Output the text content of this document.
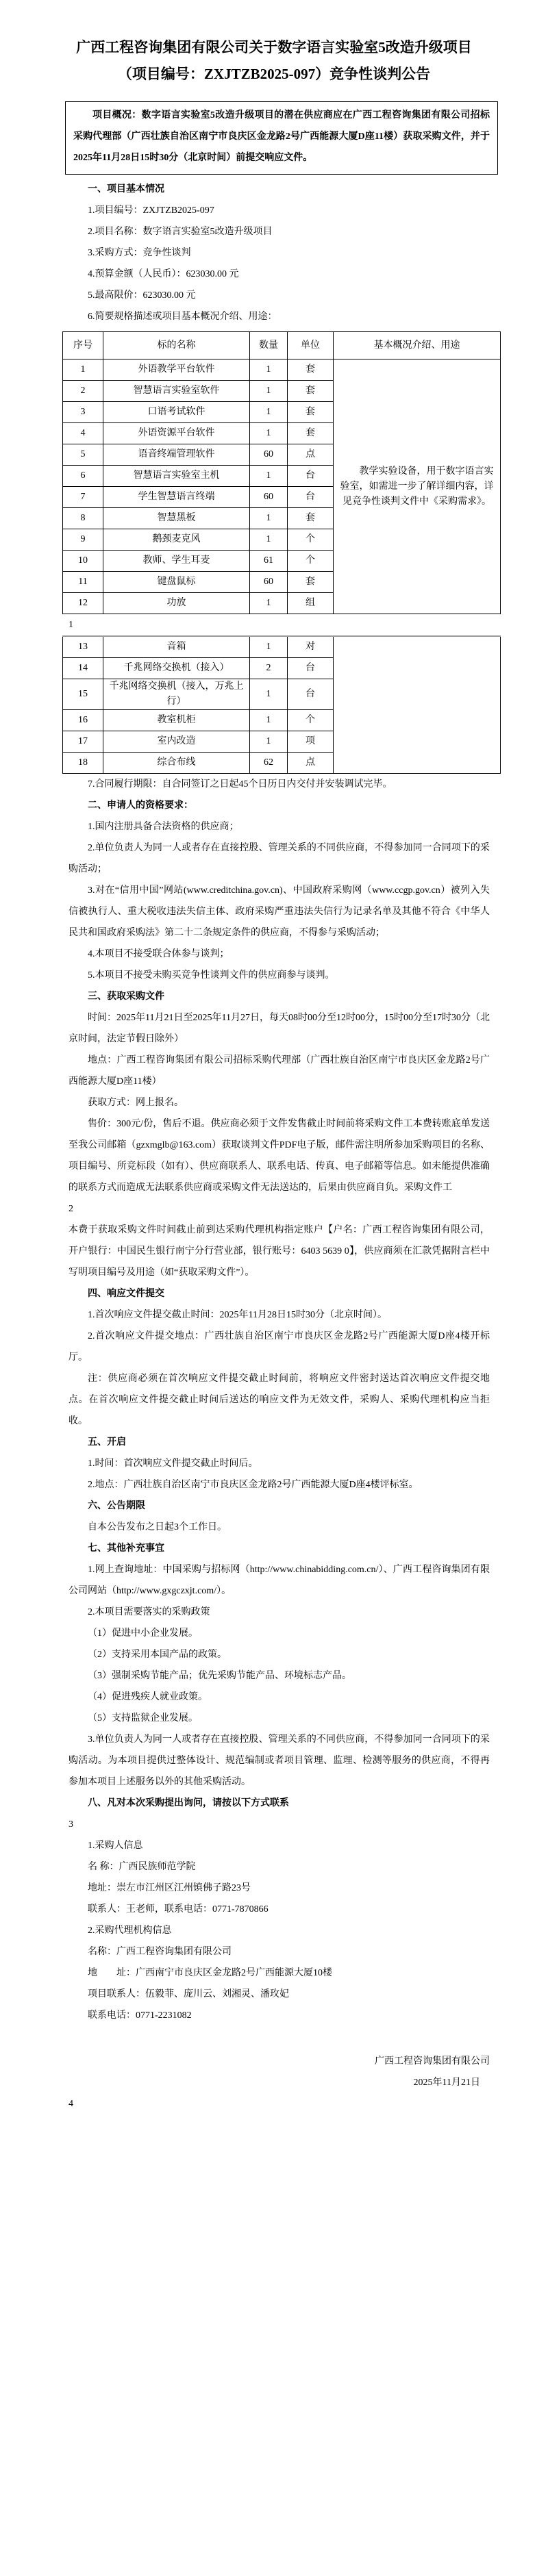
广西工程咨询集团有限公司关于数字语言实验室5改造升级项目

（项目编号：ZXJTZB2025-097）竞争性谈判公告

项目概况：数字语言实验室5改造升级项目的潜在供应商应在广西工程咨询集团有限公司招标采购代理部（广西壮族自治区南宁市良庆区金龙路2号广西能源大厦D座11楼）获取采购文件，并于2025年11月28日15时30分（北京时间）前提交响应文件。

一、项目基本情况

1.项目编号：ZXJTZB2025-097

2.项目名称：数字语言实验室5改造升级项目

3.采购方式：竞争性谈判

4.预算金额（人民币）：623030.00 元

5.最高限价：623030.00 元

6.简要规格描述或项目基本概况介绍、用途：

序号	标的名称	数量	单位	基本概况介绍、用途
1	外语教学平台软件	1	套	教学实验设备，用于数字语言实验室，如需进一步了解详细内容，详见竞争性谈判文件中《采购需求》。
2	智慧语言实验室软件	1	套	
3	口语考试软件	1	套	
4	外语资源平台软件	1	套	
5	语音终端管理软件	60	点	
6	智慧语言实验室主机	1	台	
7	学生智慧语言终端	60	台	
8	智慧黑板	1	套	
9	鹅颈麦克风	1	个	
10	教师、学生耳麦	61	个	
11	键盘鼠标	60	套	
12	功放	1	组	

1

13	音箱	1	对	
14	千兆网络交换机（接入）	2	台	
15	千兆网络交换机（接入，万兆上行）	1	台	
16	教室机柜	1	个	
17	室内改造	1	项	
18	综合布线	62	点	

7.合同履行期限：自合同签订之日起45个日历日内交付并安装调试完毕。

二、申请人的资格要求：

1.国内注册具备合法资格的供应商；

2.单位负责人为同一人或者存在直接控股、管理关系的不同供应商，不得参加同一合同项下的采购活动；

3.对在“信用中国”网站(www.creditchina.gov.cn)、中国政府采购网（www.ccgp.gov.cn）被列入失信被执行人、重大税收违法失信主体、政府采购严重违法失信行为记录名单及其他不符合《中华人民共和国政府采购法》第二十二条规定条件的供应商，不得参与采购活动；

4.本项目不接受联合体参与谈判；

5.本项目不接受未购买竞争性谈判文件的供应商参与谈判。

三、获取采购文件

时间：2025年11月21日至2025年11月27日，每天08时00分至12时00分，15时00分至17时30分（北京时间，法定节假日除外）

地点：广西工程咨询集团有限公司招标采购代理部（广西壮族自治区南宁市良庆区金龙路2号广西能源大厦D座11楼）

获取方式：网上报名。

售价：300元/份，售后不退。供应商必须于文件发售截止时间前将采购文件工本费转账底单发送至我公司邮箱（gzxmglb@163.com）获取谈判文件PDF电子版，邮件需注明所参加采购项目的名称、项目编号、所竞标段（如有）、供应商联系人、联系电话、传真、电子邮箱等信息。如未能提供准确的联系方式而造成无法联系供应商或采购文件无法送达的，后果由供应商自负。采购文件工

2

本费于获取采购文件时间截止前到达采购代理机构指定账户【户名：广西工程咨询集团有限公司，开户银行：中国民生银行南宁分行营业部，银行账号：6403 5639 0】，供应商须在汇款凭据附言栏中写明项目编号及用途（如“获取采购文件”）。

四、响应文件提交

1.首次响应文件提交截止时间：2025年11月28日15时30分（北京时间）。

2.首次响应文件提交地点：广西壮族自治区南宁市良庆区金龙路2号广西能源大厦D座4楼开标厅。

注：供应商必须在首次响应文件提交截止时间前，将响应文件密封送达首次响应文件提交地点。在首次响应文件提交截止时间后送达的响应文件为无效文件，采购人、采购代理机构应当拒收。

五、开启

1.时间：首次响应文件提交截止时间后。

2.地点：广西壮族自治区南宁市良庆区金龙路2号广西能源大厦D座4楼评标室。

六、公告期限

自本公告发布之日起3个工作日。

七、其他补充事宜

1.网上查询地址：中国采购与招标网（http://www.chinabidding.com.cn/）、广西工程咨询集团有限公司网站（http://www.gxgczxjt.com/）。

2.本项目需要落实的采购政策

（1）促进中小企业发展。

（2）支持采用本国产品的政策。

（3）强制采购节能产品；优先采购节能产品、环境标志产品。

（4）促进残疾人就业政策。

（5）支持监狱企业发展。

3.单位负责人为同一人或者存在直接控股、管理关系的不同供应商，不得参加同一合同项下的采购活动。为本项目提供过整体设计、规范编制或者项目管理、监理、检测等服务的供应商，不得再参加本项目上述服务以外的其他采购活动。

八、凡对本次采购提出询问，请按以下方式联系

3

1.采购人信息

名 称：广西民族师范学院

地址：崇左市江州区江州镇佛子路23号

联系人：王老师，联系电话：0771-7870866

2.采购代理机构信息

名称：广西工程咨询集团有限公司

地　　址：广西南宁市良庆区金龙路2号广西能源大厦10楼

项目联系人：伍毅菲、庞川云、刘湘灵、潘玫妃

联系电话：0771-2231082

广西工程咨询集团有限公司

2025年11月21日

4
